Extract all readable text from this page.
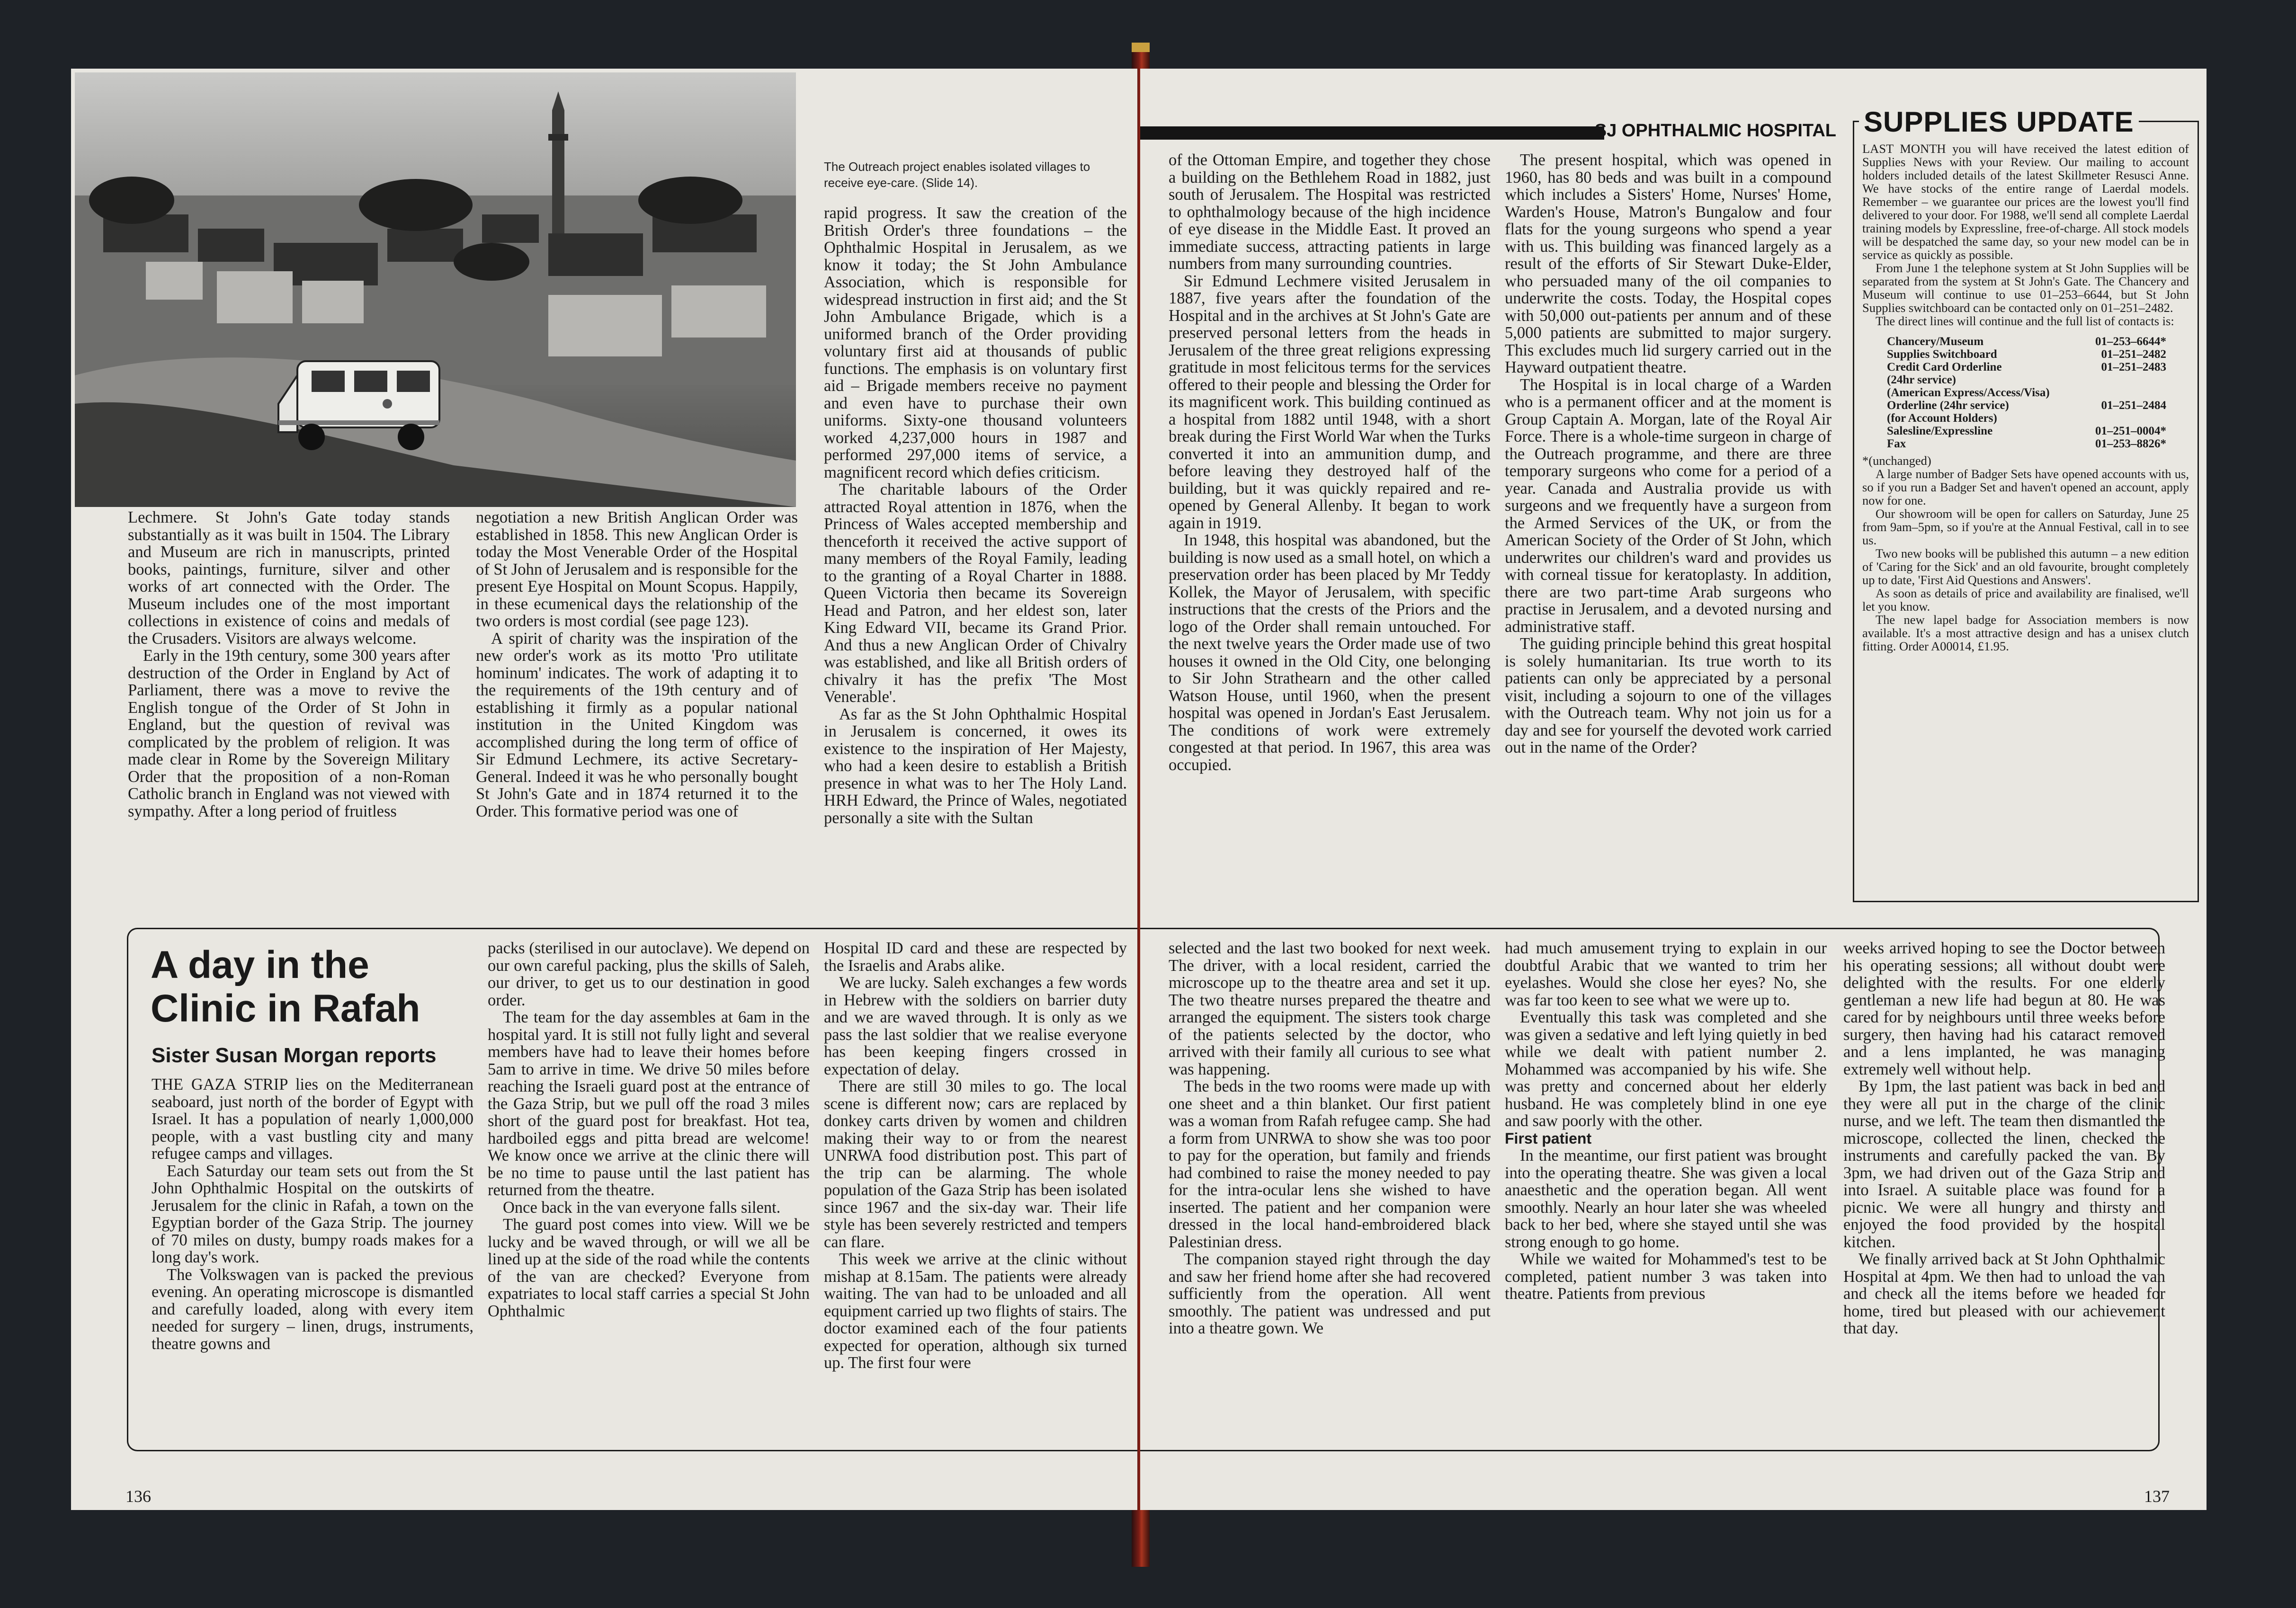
The Outreach project enables isolated villages to receive eye-care. (Slide 14).

Lechmere. St John's Gate today stands substantially as it was built in 1504. The Library and Museum are rich in manuscripts, printed books, paintings, furniture, silver and other works of art connected with the Order. The Museum includes one of the most important collections in existence of coins and medals of the Crusaders. Visitors are always welcome.

Early in the 19th century, some 300 years after destruction of the Order in England by Act of Parliament, there was a move to revive the English tongue of the Order of St John in England, but the question of revival was complicated by the problem of religion. It was made clear in Rome by the Sovereign Military Order that the proposition of a non-Roman Catholic branch in England was not viewed with sympathy. After a long period of fruitless

negotiation a new British Anglican Order was established in 1858. This new Anglican Order is today the Most Venerable Order of the Hospital of St John of Jerusalem and is responsible for the present Eye Hospital on Mount Scopus. Happily, in these ecumenical days the relationship of the two orders is most cordial (see page 123).

A spirit of charity was the inspiration of the new order's work as its motto 'Pro utilitate hominum' indicates. The work of adapting it to the requirements of the 19th century and of establishing it firmly as a popular national institution in the United Kingdom was accomplished during the long term of office of Sir Edmund Lechmere, its active Secretary-General. Indeed it was he who personally bought St John's Gate and in 1874 returned it to the Order. This formative period was one of

rapid progress. It saw the creation of the British Order's three foundations – the Ophthalmic Hospital in Jerusalem, as we know it today; the St John Ambulance Association, which is responsible for widespread instruction in first aid; and the St John Ambulance Brigade, which is a uniformed branch of the Order providing voluntary first aid at thousands of public functions. The emphasis is on voluntary first aid – Brigade members receive no payment and even have to purchase their own uniforms. Sixty-one thousand volunteers worked 4,237,000 hours in 1987 and performed 297,000 items of service, a magnificent record which defies criticism.

The charitable labours of the Order attracted Royal attention in 1876, when the Princess of Wales accepted membership and thenceforth it received the active support of many members of the Royal Family, leading to the granting of a Royal Charter in 1888. Queen Victoria then became its Sovereign Head and Patron, and her eldest son, later King Edward VII, became its Grand Prior. And thus a new Anglican Order of Chivalry was established, and like all British orders of chivalry it has the prefix 'The Most Venerable'.

As far as the St John Ophthalmic Hospital in Jerusalem is concerned, it owes its existence to the inspiration of Her Majesty, who had a keen desire to establish a British presence in what was to her The Holy Land. HRH Edward, the Prince of Wales, negotiated personally a site with the Sultan

A day in the Clinic in Rafah
Sister Susan Morgan reports

THE GAZA STRIP lies on the Mediterranean seaboard, just north of the border of Egypt with Israel. It has a population of nearly 1,000,000 people, with a vast bustling city and many refugee camps and villages.

Each Saturday our team sets out from the St John Ophthalmic Hospital on the outskirts of Jerusalem for the clinic in Rafah, a town on the Egyptian border of the Gaza Strip. The journey of 70 miles on dusty, bumpy roads makes for a long day's work.

The Volkswagen van is packed the previous evening. An operating microscope is dismantled and carefully loaded, along with every item needed for surgery – linen, drugs, instruments, theatre gowns and

packs (sterilised in our autoclave). We depend on our own careful packing, plus the skills of Saleh, our driver, to get us to our destination in good order.

The team for the day assembles at 6am in the hospital yard. It is still not fully light and several members have had to leave their homes before 5am to arrive in time. We drive 50 miles before reaching the Israeli guard post at the entrance of the Gaza Strip, but we pull off the road 3 miles short of the guard post for breakfast. Hot tea, hardboiled eggs and pitta bread are welcome! We know once we arrive at the clinic there will be no time to pause until the last patient has returned from the theatre.

Once back in the van everyone falls silent.

The guard post comes into view. Will we be lucky and be waved through, or will we all be lined up at the side of the road while the contents of the van are checked? Everyone from expatriates to local staff carries a special St John Ophthalmic

Hospital ID card and these are respected by the Israelis and Arabs alike.

We are lucky. Saleh exchanges a few words in Hebrew with the soldiers on barrier duty and we are waved through. It is only as we pass the last soldier that we realise everyone has been keeping fingers crossed in expectation of delay.

There are still 30 miles to go. The local scene is different now; cars are replaced by donkey carts driven by women and children making their way to or from the nearest UNRWA food distribution post. This part of the trip can be alarming. The whole population of the Gaza Strip has been isolated since 1967 and the six-day war. Their life style has been severely restricted and tempers can flare.

This week we arrive at the clinic without mishap at 8.15am. The patients were already waiting. The van had to be unloaded and all equipment carried up two flights of stairs. The doctor examined each of the four patients expected for operation, although six turned up. The first four were

136
SJ OPHTHALMIC HOSPITAL

of the Ottoman Empire, and together they chose a building on the Bethlehem Road in 1882, just south of Jerusalem. The Hospital was restricted to ophthalmology because of the high incidence of eye disease in the Middle East. It proved an immediate success, attracting patients in large numbers from many surrounding countries.

Sir Edmund Lechmere visited Jerusalem in 1887, five years after the foundation of the Hospital and in the archives at St John's Gate are preserved personal letters from the heads in Jerusalem of the three great religions expressing gratitude in most felicitous terms for the services offered to their people and blessing the Order for its magnificent work. This building continued as a hospital from 1882 until 1948, with a short break during the First World War when the Turks converted it into an ammunition dump, and before leaving they destroyed half of the building, but it was quickly repaired and re-opened by General Allenby. It began to work again in 1919.

In 1948, this hospital was abandoned, but the building is now used as a small hotel, on which a preservation order has been placed by Mr Teddy Kollek, the Mayor of Jerusalem, with specific instructions that the crests of the Priors and the logo of the Order shall remain untouched. For the next twelve years the Order made use of two houses it owned in the Old City, one belonging to Sir John Strathearn and the other called Watson House, until 1960, when the present hospital was opened in Jordan's East Jerusalem. The conditions of work were extremely congested at that period. In 1967, this area was occupied.

The present hospital, which was opened in 1960, has 80 beds and was built in a compound which includes a Sisters' Home, Nurses' Home, Warden's House, Matron's Bungalow and four flats for the young surgeons who spend a year with us. This building was financed largely as a result of the efforts of Sir Stewart Duke-Elder, who persuaded many of the oil companies to underwrite the costs. Today, the Hospital copes with 50,000 out-patients per annum and of these 5,000 patients are submitted to major surgery. This excludes much lid surgery carried out in the Hayward outpatient theatre.

The Hospital is in local charge of a Warden who is a permanent officer and at the moment is Group Captain A. Morgan, late of the Royal Air Force. There is a whole-time surgeon in charge of the Outreach programme, and there are three temporary surgeons who come for a period of a year. Canada and Australia provide us with surgeons and we frequently have a surgeon from the Armed Services of the UK, or from the American Society of the Order of St John, which underwrites our children's ward and provides us with corneal tissue for keratoplasty. In addition, there are two part-time Arab surgeons who practise in Jerusalem, and a devoted nursing and administrative staff.

The guiding principle behind this great hospital is solely humanitarian. Its true worth to its patients can only be appreciated by a personal visit, including a sojourn to one of the villages with the Outreach team. Why not join us for a day and see for yourself the devoted work carried out in the name of the Order?

SUPPLIES UPDATE

LAST MONTH you will have received the latest edition of Supplies News with your Review. Our mailing to account holders included details of the latest Skillmeter Resusci Anne. We have stocks of the entire range of Laerdal models. Remember – we guarantee our prices are the lowest you'll find delivered to your door. For 1988, we'll send all complete Laerdal training models by Expressline, free-of-charge. All stock models will be despatched the same day, so your new model can be in service as quickly as possible.

From June 1 the telephone system at St John Supplies will be separated from the system at St John's Gate. The Chancery and Museum will continue to use 01–253–6644, but St John Supplies switchboard can be contacted only on 01–251–2482.

The direct lines will continue and the full list of contacts is:

Chancery/Museum	01–253–6644*
Supplies Switchboard	01–251–2482
Credit Card Orderline	01–251–2483
(24hr service)
(American Express/Access/Visa)
Orderline (24hr service)	01–251–2484
(for Account Holders)
Salesline/Expressline	01–251–0004*
Fax	01–253–8826*

*(unchanged)

A large number of Badger Sets have opened accounts with us, so if you run a Badger Set and haven't opened an account, apply now for one.

Our showroom will be open for callers on Saturday, June 25 from 9am–5pm, so if you're at the Annual Festival, call in to see us.

Two new books will be published this autumn – a new edition of 'Caring for the Sick' and an old favourite, brought completely up to date, 'First Aid Questions and Answers'.

As soon as details of price and availability are finalised, we'll let you know.

The new lapel badge for Association members is now available. It's a most attractive design and has a unisex clutch fitting. Order A00014, £1.95.

selected and the last two booked for next week. The driver, with a local resident, carried the microscope up to the theatre area and set it up. The two theatre nurses prepared the theatre and arranged the equipment. The sisters took charge of the patients selected by the doctor, who arrived with their family all curious to see what was happening.

The beds in the two rooms were made up with one sheet and a thin blanket. Our first patient was a woman from Rafah refugee camp. She had a form from UNRWA to show she was too poor to pay for the operation, but family and friends had combined to raise the money needed to pay for the intra-ocular lens she wished to have inserted. The patient and her companion were dressed in the local hand-embroidered black Palestinian dress.

The companion stayed right through the day and saw her friend home after she had recovered sufficiently from the operation. All went smoothly. The patient was undressed and put into a theatre gown. We

had much amusement trying to explain in our doubtful Arabic that we wanted to trim her eyelashes. Would she close her eyes? No, she was far too keen to see what we were up to.

Eventually this task was completed and she was given a sedative and left lying quietly in bed while we dealt with patient number 2. Mohammed was accompanied by his wife. She was pretty and concerned about her elderly husband. He was completely blind in one eye and saw poorly with the other.

First patient

In the meantime, our first patient was brought into the operating theatre. She was given a local anaesthetic and the operation began. All went smoothly. Nearly an hour later she was wheeled back to her bed, where she stayed until she was strong enough to go home.

While we waited for Mohammed's test to be completed, patient number 3 was taken into theatre. Patients from previous

weeks arrived hoping to see the Doctor between his operating sessions; all without doubt were delighted with the results. For one elderly gentleman a new life had begun at 80. He was cared for by neighbours until three weeks before surgery, then having had his cataract removed and a lens implanted, he was managing extremely well without help.

By 1pm, the last patient was back in bed and they were all put in the charge of the clinic nurse, and we left. The team then dismantled the microscope, collected the linen, checked the instruments and carefully packed the van. By 3pm, we had driven out of the Gaza Strip and into Israel. A suitable place was found for a picnic. We were all hungry and thirsty and enjoyed the food provided by the hospital kitchen.

We finally arrived back at St John Ophthalmic Hospital at 4pm. We then had to unload the van and check all the items before we headed for home, tired but pleased with our achievement that day.

137
